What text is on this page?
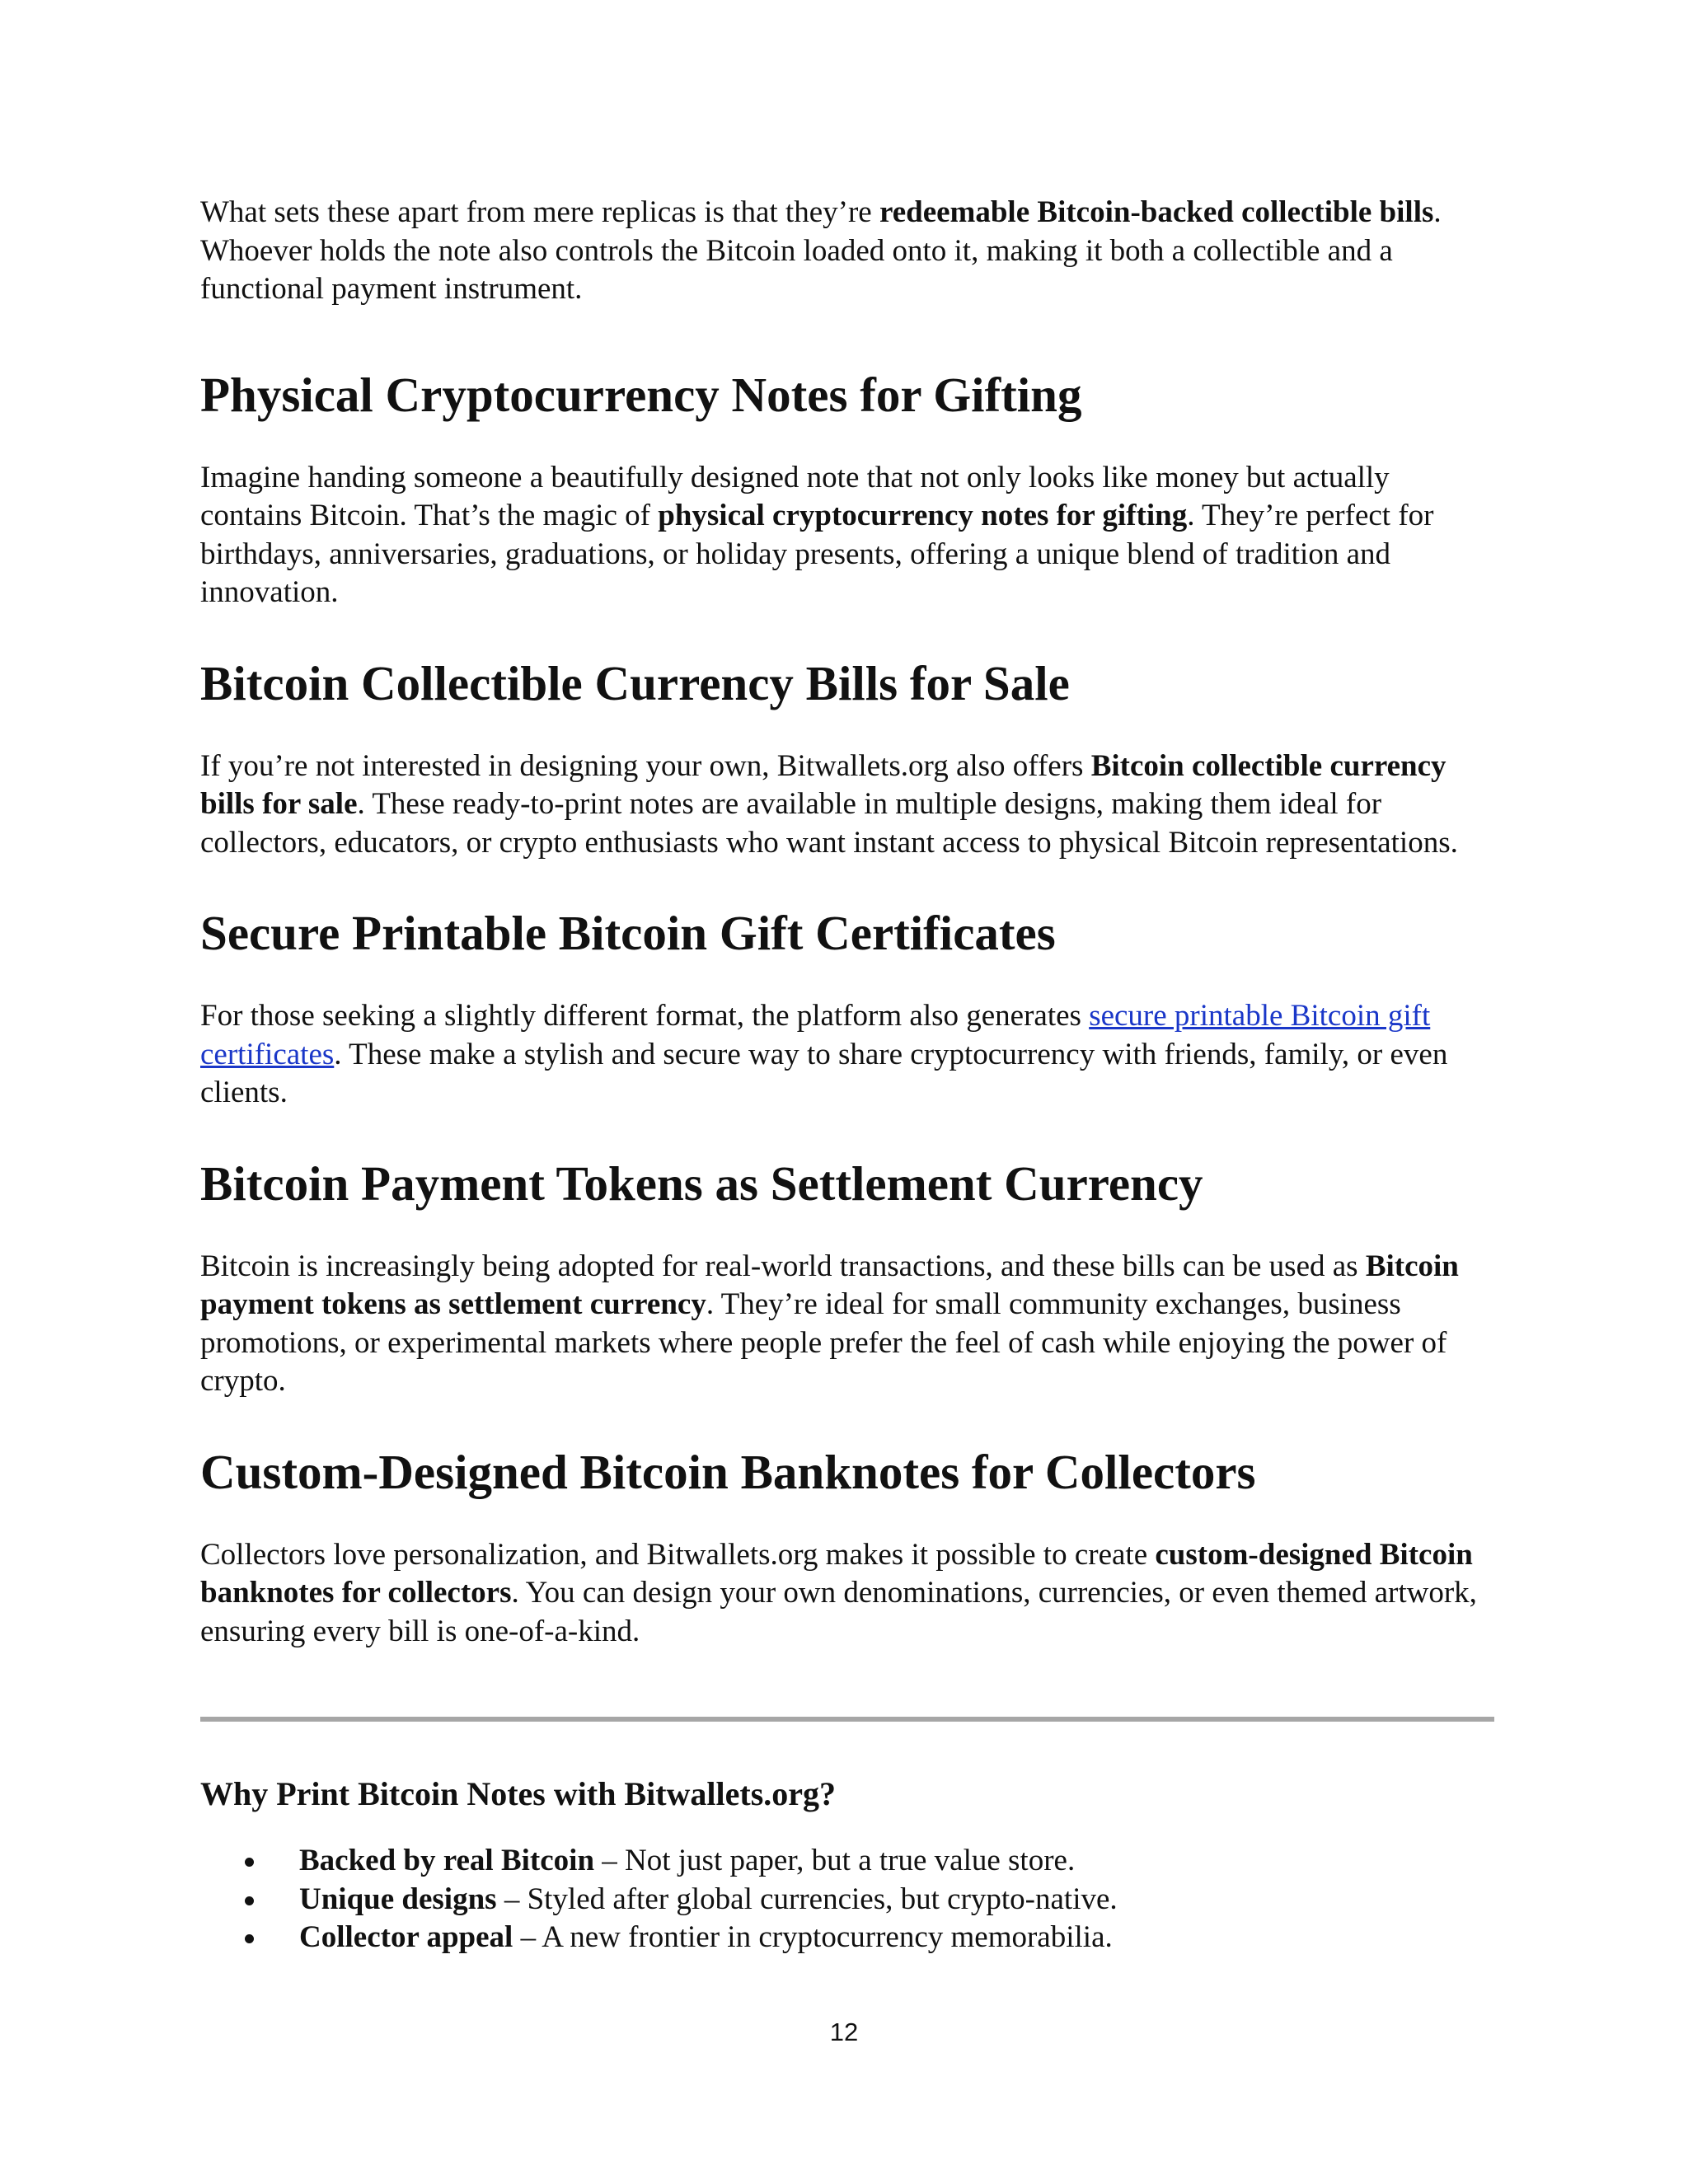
What sets these apart from mere replicas is that they’re redeemable Bitcoin-backed collectible bills. Whoever holds the note also controls the Bitcoin loaded onto it, making it both a collectible and a functional payment instrument.

Physical Cryptocurrency Notes for Gifting

Imagine handing someone a beautifully designed note that not only looks like money but actually contains Bitcoin. That’s the magic of physical cryptocurrency notes for gifting. They’re perfect for birthdays, anniversaries, graduations, or holiday presents, offering a unique blend of tradition and innovation.

Bitcoin Collectible Currency Bills for Sale

If you’re not interested in designing your own, Bitwallets.org also offers Bitcoin collectible currency bills for sale. These ready-to-print notes are available in multiple designs, making them ideal for collectors, educators, or crypto enthusiasts who want instant access to physical Bitcoin representations.

Secure Printable Bitcoin Gift Certificates

For those seeking a slightly different format, the platform also generates secure printable Bitcoin gift certificates. These make a stylish and secure way to share cryptocurrency with friends, family, or even clients.

Bitcoin Payment Tokens as Settlement Currency

Bitcoin is increasingly being adopted for real-world transactions, and these bills can be used as Bitcoin payment tokens as settlement currency. They’re ideal for small community exchanges, business promotions, or experimental markets where people prefer the feel of cash while enjoying the power of crypto.

Custom-Designed Bitcoin Banknotes for Collectors

Collectors love personalization, and Bitwallets.org makes it possible to create custom-designed Bitcoin banknotes for collectors. You can design your own denominations, currencies, or even themed artwork, ensuring every bill is one-of-a-kind.

Why Print Bitcoin Notes with Bitwallets.org?
Backed by real Bitcoin – Not just paper, but a true value store.
Unique designs – Styled after global currencies, but crypto-native.
Collector appeal – A new frontier in cryptocurrency memorabilia.
12
